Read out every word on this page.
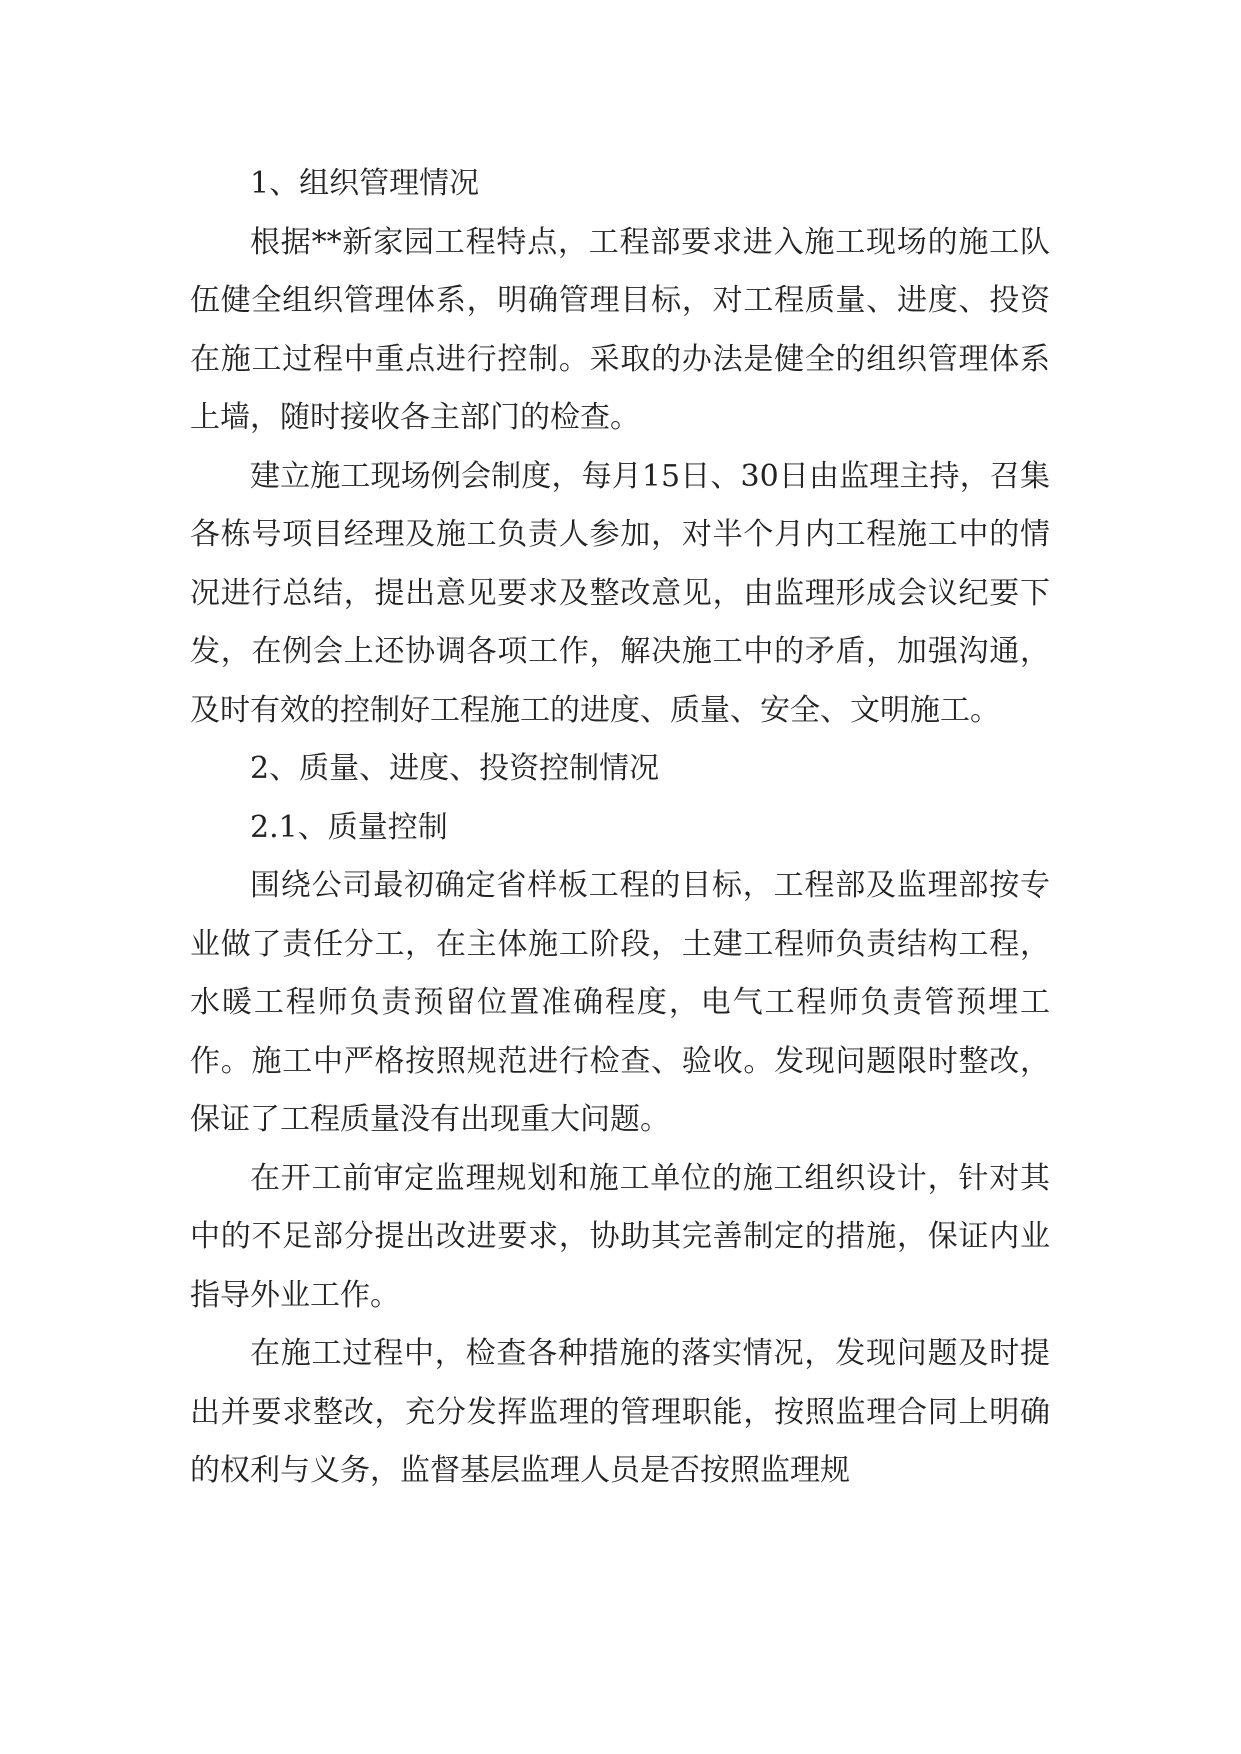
1、组织管理情况

根据**新家园工程特点，工程部要求进入施工现场的施工队伍健全组织管理体系，明确管理目标，对工程质量、进度、投资在施工过程中重点进行控制。采取的办法是健全的组织管理体系上墙，随时接收各主部门的检查。

建立施工现场例会制度，每月15日、30日由监理主持，召集各栋号项目经理及施工负责人参加，对半个月内工程施工中的情况进行总结，提出意见要求及整改意见，由监理形成会议纪要下发，在例会上还协调各项工作，解决施工中的矛盾，加强沟通，及时有效的控制好工程施工的进度、质量、安全、文明施工。

2、质量、进度、投资控制情况

2.1、质量控制

围绕公司最初确定省样板工程的目标，工程部及监理部按专业做了责任分工，在主体施工阶段，土建工程师负责结构工程，水暖工程师负责预留位置准确程度，电气工程师负责管预埋工作。施工中严格按照规范进行检查、验收。发现问题限时整改，保证了工程质量没有出现重大问题。

在开工前审定监理规划和施工单位的施工组织设计，针对其中的不足部分提出改进要求，协助其完善制定的措施，保证内业指导外业工作。

在施工过程中，检查各种措施的落实情况，发现问题及时提出并要求整改，充分发挥监理的管理职能，按照监理合同上明确的权利与义务，监督基层监理人员是否按照监理规
